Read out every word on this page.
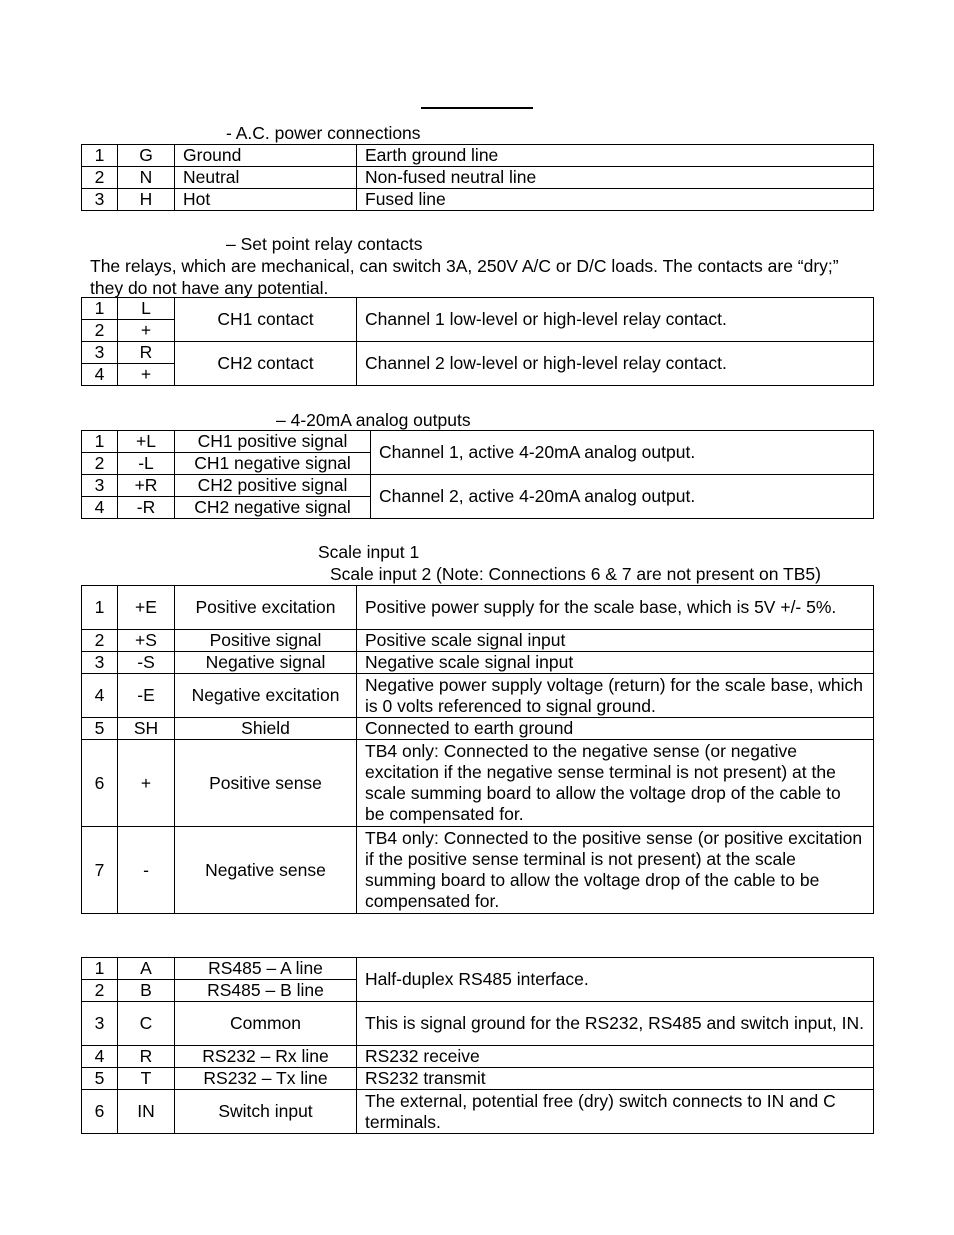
- A.C. power connections
1	G	Ground	Earth ground line
2	N	Neutral	Non-fused neutral line
3	H	Hot	Fused line
– Set point relay contacts
The relays, which are mechanical, can switch 3A, 250V A/C or D/C loads. The contacts are “dry;” they do not have any potential.
1	L	CH1 contact	Channel 1 low-level or high-level relay contact.
2	+		
3	R	CH2 contact	Channel 2 low-level or high-level relay contact.
4	+		
– 4-20mA analog outputs
1	+L	CH1 positive signal	Channel 1, active 4-20mA analog output.
2	-L	CH1 negative signal	
3	+R	CH2 positive signal	Channel 2, active 4-20mA analog output.
4	-R	CH2 negative signal	
Scale input 1
Scale input 2 (Note: Connections 6 & 7 are not present on TB5)
1	+E	Positive excitation	Positive power supply for the scale base, which is 5V +/- 5%.
2	+S	Positive signal	Positive scale signal input
3	-S	Negative signal	Negative scale signal input
4	-E	Negative excitation	Negative power supply voltage (return) for the scale base, which is 0 volts referenced to signal ground.
5	SH	Shield	Connected to earth ground
6	+	Positive sense	TB4 only: Connected to the negative sense (or negative excitation if the negative sense terminal is not present) at the scale summing board to allow the voltage drop of the cable to be compensated for.
7	-	Negative sense	TB4 only: Connected to the positive sense (or positive excitation if the positive sense terminal is not present) at the scale summing board to allow the voltage drop of the cable to be compensated for.
1	A	RS485 – A line	Half-duplex RS485 interface.
2	B	RS485 – B line	
3	C	Common	This is signal ground for the RS232, RS485 and switch input, IN.
4	R	RS232 – Rx line	RS232 receive
5	T	RS232 – Tx line	RS232 transmit
6	IN	Switch input	The external, potential free (dry) switch connects to IN and C terminals.
